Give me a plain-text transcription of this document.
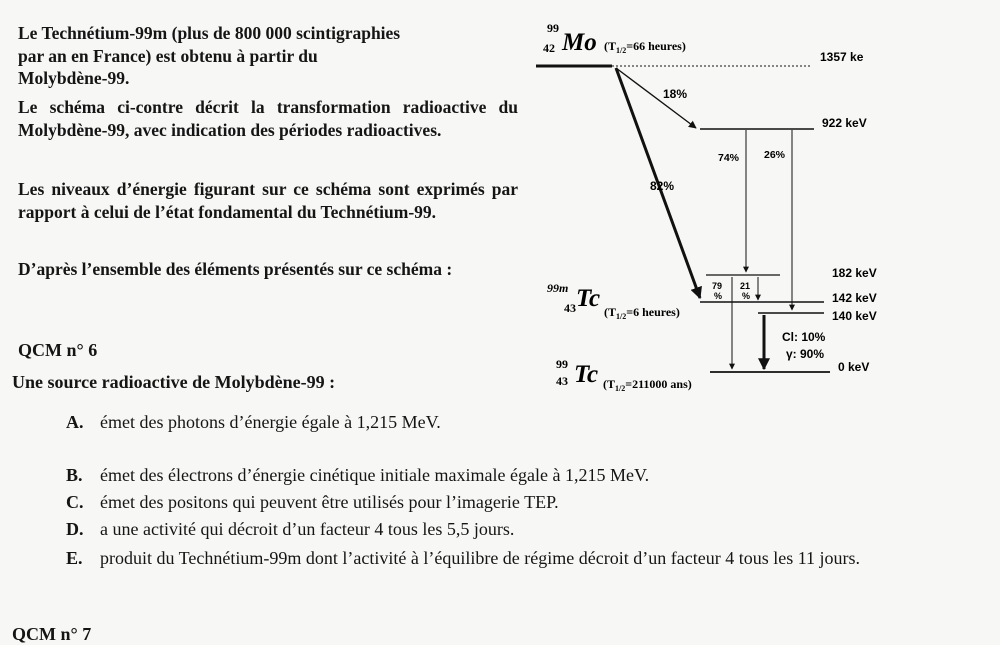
Le Technétium-99m (plus de 800 000 scintigraphies
par an en France) est obtenu à partir du
Molybdène-99.
Le schéma ci-contre décrit la transformation radioactive du Molybdène-99, avec indication des périodes radioactives.
Les niveaux d’énergie figurant sur ce schéma sont exprimés par rapport à celui de l’état fondamental du Technétium-99.
D’après l’ensemble des éléments présentés sur ce schéma :
QCM n° 6
Une source radioactive de Molybdène-99 :
A. émet des photons d’énergie égale à 1,215 MeV.
B. émet des électrons d’énergie cinétique initiale maximale égale à 1,215 MeV.
C. émet des positons qui peuvent être utilisés pour l’imagerie TEP.
D. a une activité qui décroit d’un facteur 4 tous les 5,5 jours.
E. produit du Technétium-99m dont l’activité à l’équilibre de régime décroit d’un facteur 4 tous les 11 jours.
QCM n° 7
99
42 Mo ($T_{1/2}=66$ heures)
1357 ke
922 keV
182 keV
142 keV
140 keV
0 keV
18%
82%
74% 26%
79
%
21
%
Cl: 10%
γ: 90%
99m
43 Tc ($T_{1/2}=6$ heures)
99
43 Tc ($T_{1/2}=211000$ ans)
